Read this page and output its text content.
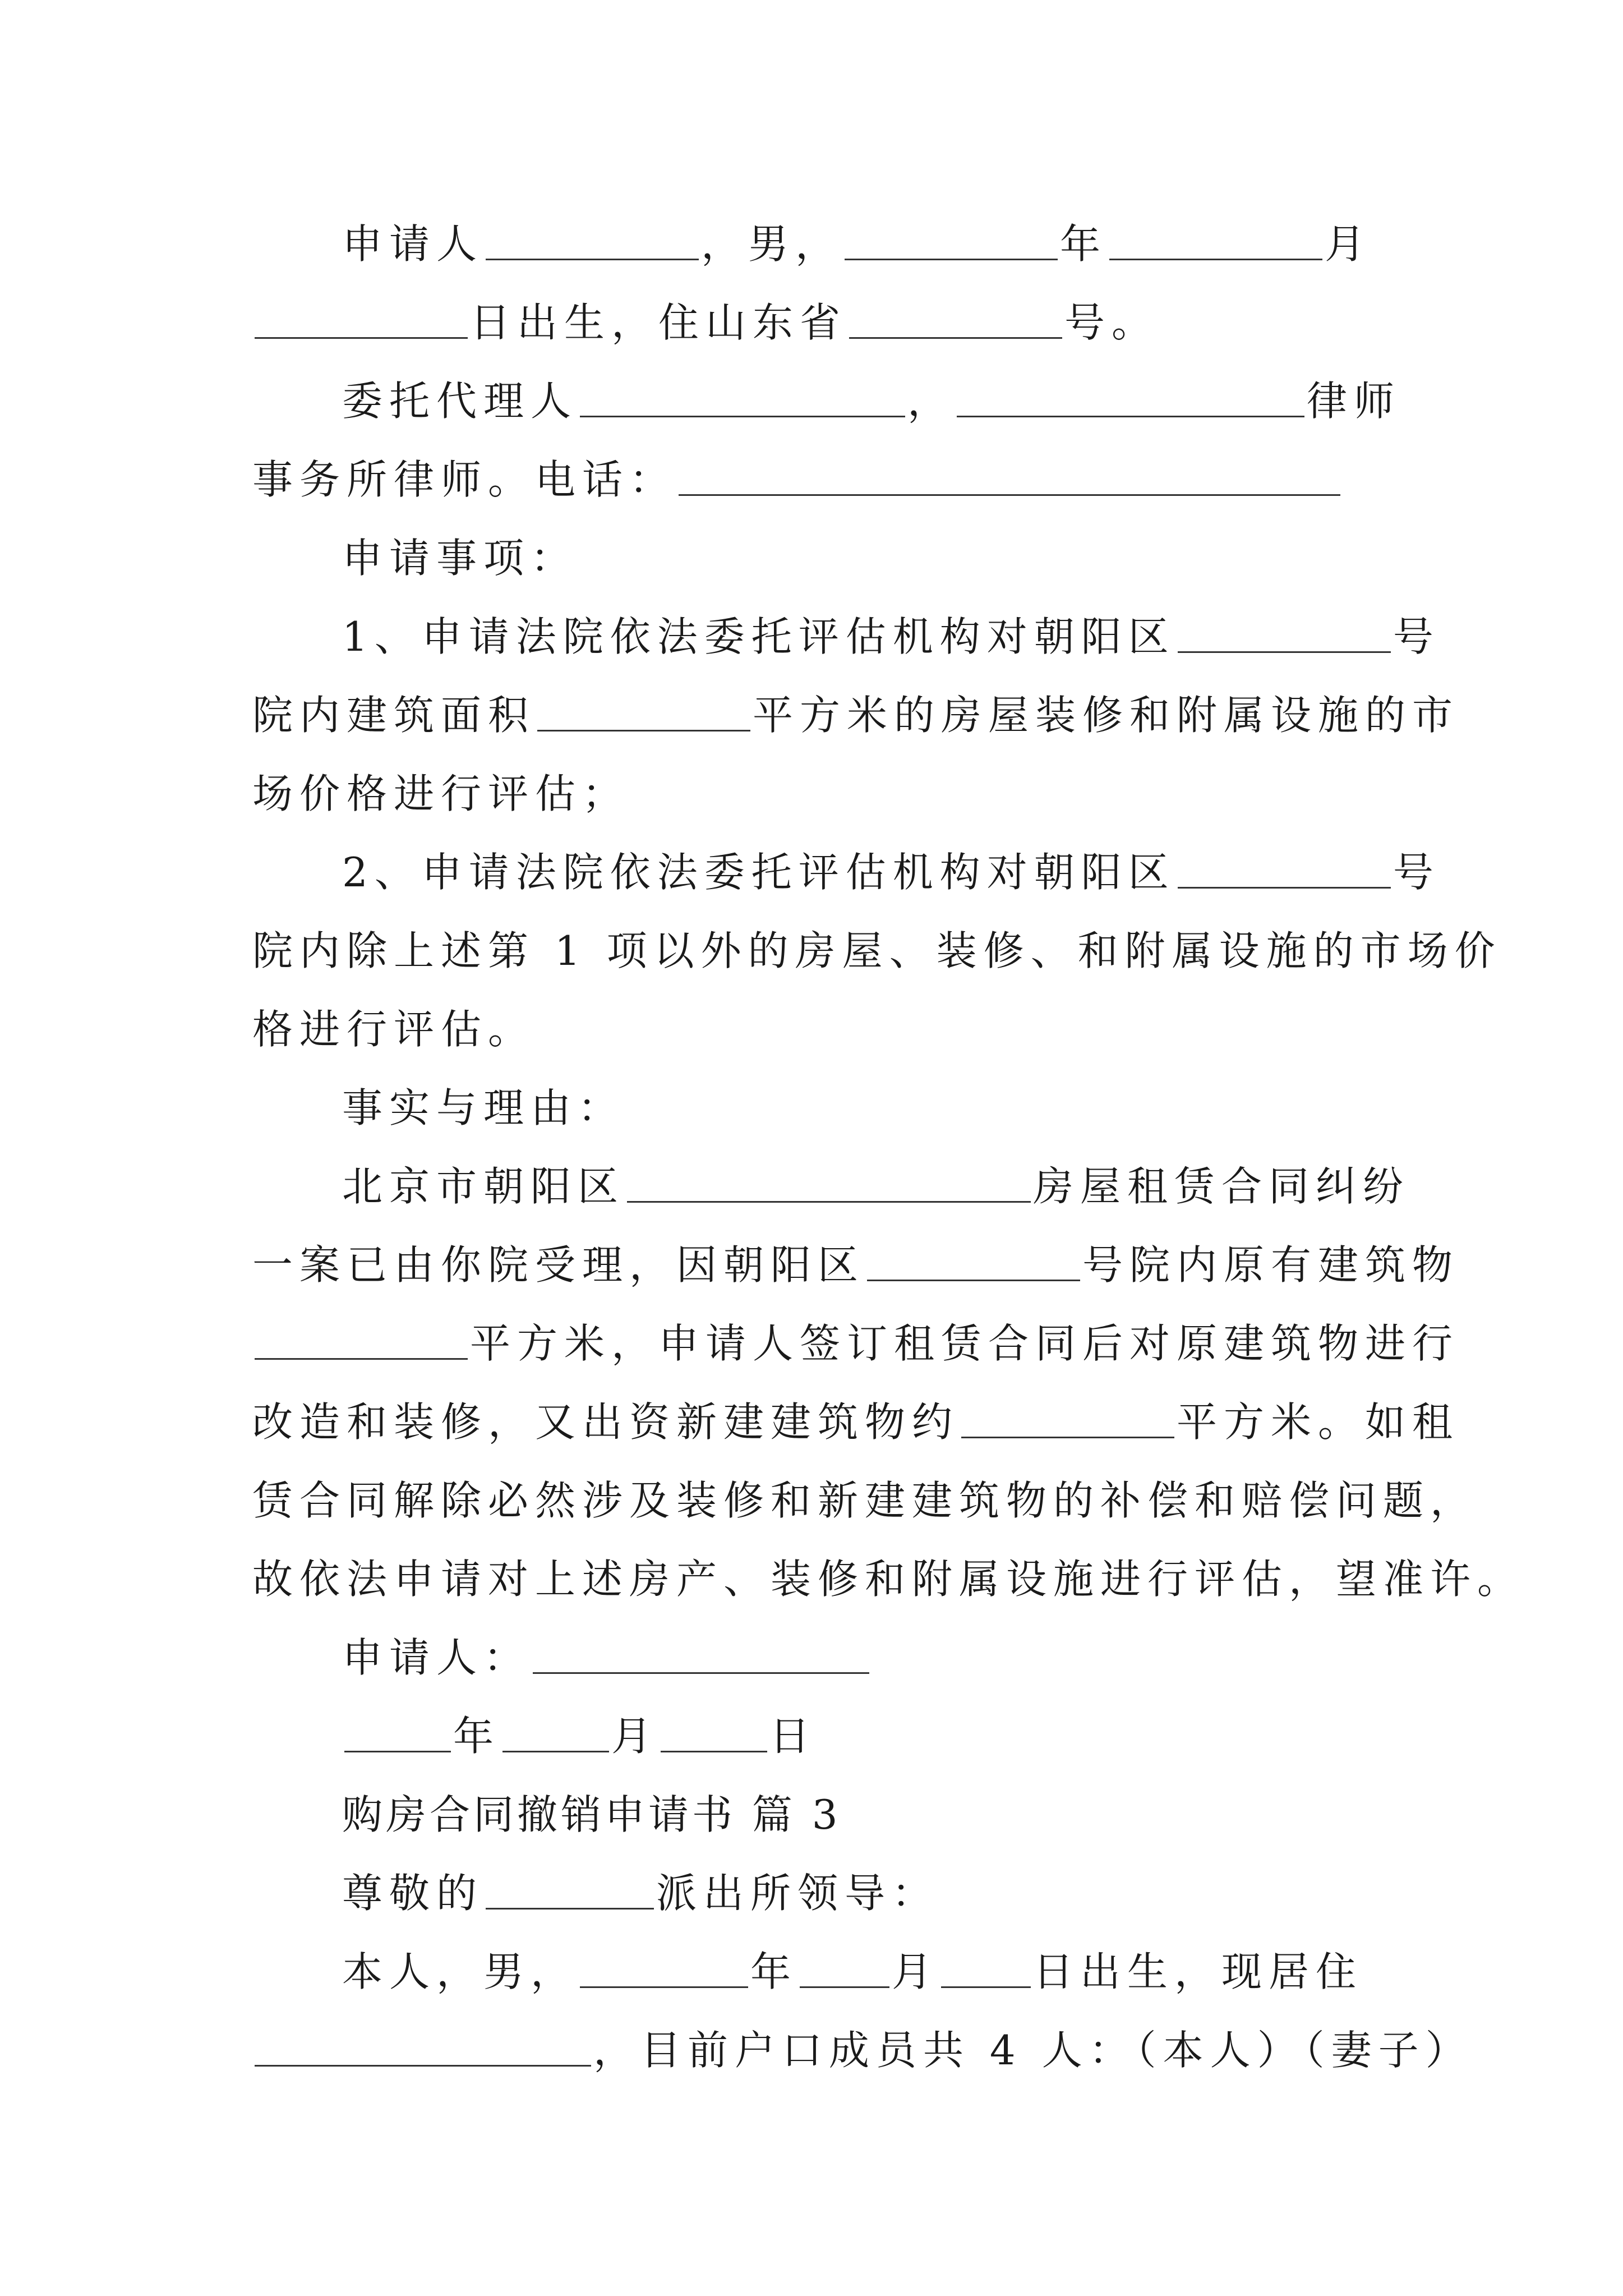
申请人	，男，	年	月
日出生，住山东省	号。
委托代理人	，	律师
事务所律师。电话：
申请事项：
1、申请法院依法委托评估机构对朝阳区	号
院内建筑面积	平方米的房屋装修和附属设施的市
场价格进行评估；
2、申请法院依法委托评估机构对朝阳区	号
院内除上述第 1 项以外的房屋、装修、和附属设施的市场价
格进行评估。
事实与理由：
北京市朝阳区	房屋租赁合同纠纷
一案已由你院受理，因朝阳区	号院内原有建筑物
平方米，申请人签订租赁合同后对原建筑物进行
改造和装修，又出资新建建筑物约	平方米。如租
赁合同解除必然涉及装修和新建建筑物的补偿和赔偿问题，
故依法申请对上述房产、装修和附属设施进行评估，望准许。
申请人：
年	月	日
购房合同撤销申请书 篇 3
尊敬的	派出所领导：
本人，男，	年 月 日出生，现居住
，目前户口成员共 4 人：（本人）（妻子）
